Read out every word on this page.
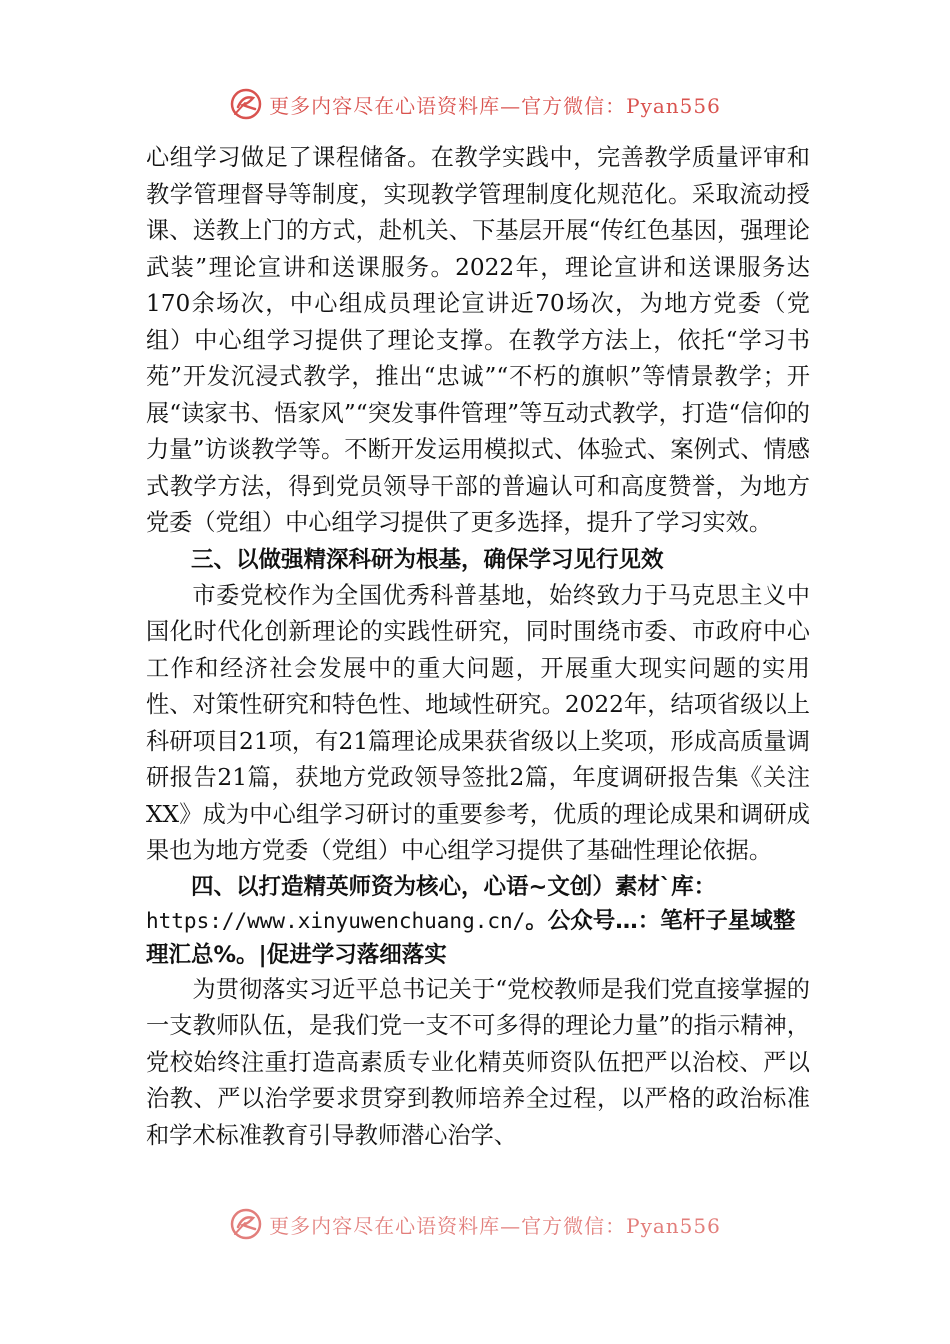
更多内容尽在心语资料库—官方微信：Pyan556

心组学习做足了课程储备。在教学实践中，完善教学质量评审和教学管理督导等制度，实现教学管理制度化规范化。采取流动授课、送教上门的方式，赴机关、下基层开展“传红色基因，强理论武装”理论宣讲和送课服务。2022年，理论宣讲和送课服务达170余场次，中心组成员理论宣讲近70场次，为地方党委（党组）中心组学习提供了理论支撑。在教学方法上，依托“学习书苑”开发沉浸式教学，推出“忠诚”“不朽的旗帜”等情景教学；开展“读家书、悟家风”“突发事件管理”等互动式教学，打造“信仰的力量”访谈教学等。不断开发运用模拟式、体验式、案例式、情感式教学方法，得到党员领导干部的普遍认可和高度赞誉，为地方党委（党组）中心组学习提供了更多选择，提升了学习实效。

三、以做强精深科研为根基，确保学习见行见效

市委党校作为全国优秀科普基地，始终致力于马克思主义中国化时代化创新理论的实践性研究，同时围绕市委、市政府中心工作和经济社会发展中的重大问题，开展重大现实问题的实用性、对策性研究和特色性、地域性研究。2022年，结项省级以上科研项目21项，有21篇理论成果获省级以上奖项，形成高质量调研报告21篇，获地方党政领导签批2篇，年度调研报告集《关注XX》成为中心组学习研讨的重要参考，优质的理论成果和调研成果也为地方党委（党组）中心组学习提供了基础性理论依据。

四、以打造精英师资为核心，心语~文创）素材`库：
https://www.xinyuwenchuang.cn/。公众号…：笔杆子星域整理汇总%。|促进学习落细落实

为贯彻落实习近平总书记关于“党校教师是我们党直接掌握的一支教师队伍，是我们党一支不可多得的理论力量”的指示精神，党校始终注重打造高素质专业化精英师资队伍把严以治校、严以治教、严以治学要求贯穿到教师培养全过程，以严格的政治标准和学术标准教育引导教师潜心治学、

更多内容尽在心语资料库—官方微信：Pyan556
